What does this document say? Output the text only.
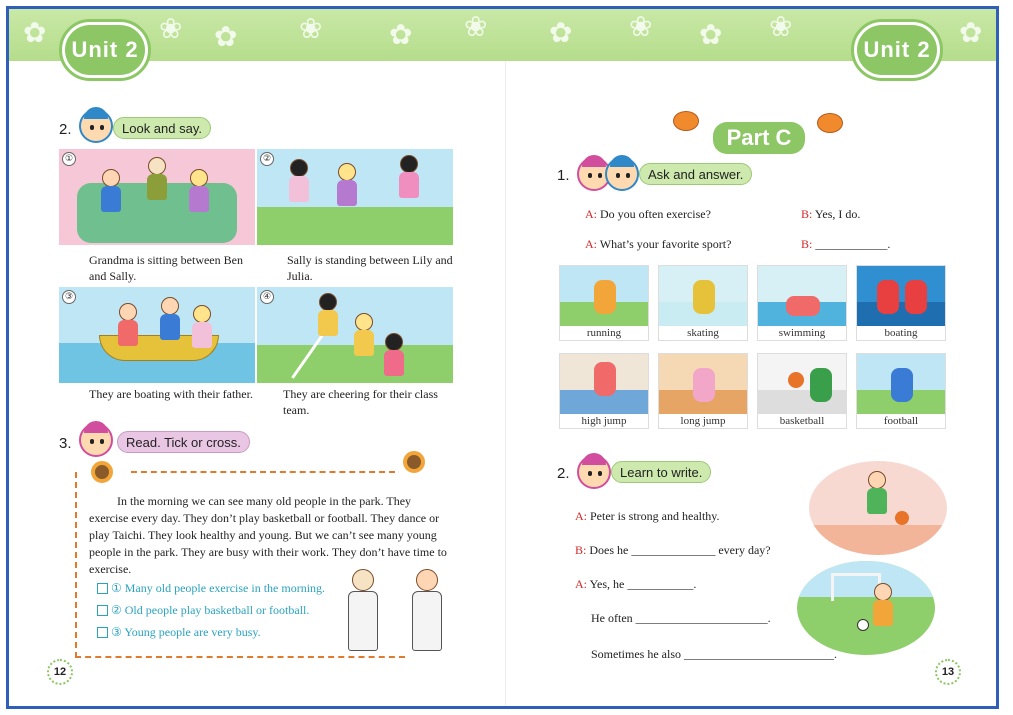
✿	❀ ✿ ❀ ✿ ❀ ✿ ❀ ✿ ❀	✿
Unit 2	Unit 2
2.	Look and say.
①
Grandma is sitting between Ben and Sally.
②
Sally is standing between Lily and Julia.
③
They are boating with their father.
④
They are cheering for their class team.
3.	Read. Tick or cross.
In the morning we can see many old people in the park. They exercise every day. They don’t play basketball or football. They dance or play Taichi. They look healthy and young. But we can’t see many young people in the park. They are busy with their work. They don’t have time to exercise.
① Many old people exercise in the morning.
② Old people play basketball or football.
③ Young people are very busy.
12
Part C
1.	Ask and answer.
A: Do you often exercise?	B: Yes, I do.
A: What’s your favorite sport?	B: ____________.
running	skating	swimming	boating
high jump	long jump	basketball	football
2.	Learn to write.
A: Peter is strong and healthy.
B: Does he ______________ every day?
A: Yes, he ___________.
He often ______________________.
Sometimes he also _________________________.
13
